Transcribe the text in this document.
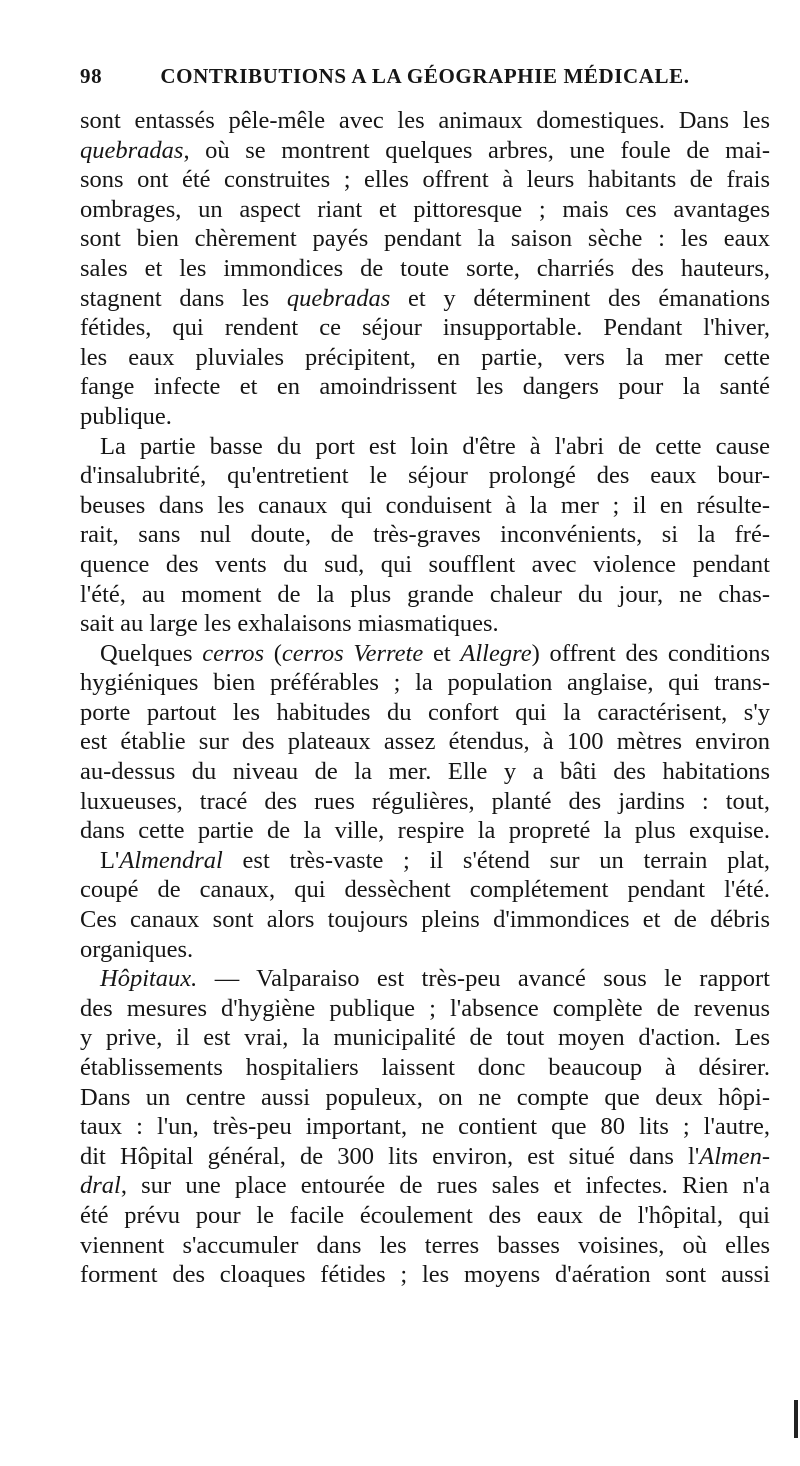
98	CONTRIBUTIONS A LA GÉOGRAPHIE MÉDICALE.
sont entassés pêle-mêle avec les animaux domestiques. Dans les
quebradas, où se montrent quelques arbres, une foule de mai-
sons ont été construites ; elles offrent à leurs habitants de frais
ombrages, un aspect riant et pittoresque ; mais ces avantages
sont bien chèrement payés pendant la saison sèche : les eaux
sales et les immondices de toute sorte, charriés des hauteurs,
stagnent dans les quebradas et y déterminent des émanations
fétides, qui rendent ce séjour insupportable. Pendant l'hiver,
les eaux pluviales précipitent, en partie, vers la mer cette
fange infecte et en amoindrissent les dangers pour la santé
publique.
La partie basse du port est loin d'être à l'abri de cette cause
d'insalubrité, qu'entretient le séjour prolongé des eaux bour-
beuses dans les canaux qui conduisent à la mer ; il en résulte-
rait, sans nul doute, de très-graves inconvénients, si la fré-
quence des vents du sud, qui soufflent avec violence pendant
l'été, au moment de la plus grande chaleur du jour, ne chas-
sait au large les exhalaisons miasmatiques.
Quelques cerros (cerros Verrete et Allegre) offrent des conditions
hygiéniques bien préférables ; la population anglaise, qui trans-
porte partout les habitudes du confort qui la caractérisent, s'y
est établie sur des plateaux assez étendus, à 100 mètres environ
au-dessus du niveau de la mer. Elle y a bâti des habitations
luxueuses, tracé des rues régulières, planté des jardins : tout,
dans cette partie de la ville, respire la propreté la plus exquise.
L'Almendral est très-vaste ; il s'étend sur un terrain plat,
coupé de canaux, qui dessèchent complétement pendant l'été.
Ces canaux sont alors toujours pleins d'immondices et de débris
organiques.
Hôpitaux. — Valparaiso est très-peu avancé sous le rapport
des mesures d'hygiène publique ; l'absence complète de revenus
y prive, il est vrai, la municipalité de tout moyen d'action. Les
établissements hospitaliers laissent donc beaucoup à désirer.
Dans un centre aussi populeux, on ne compte que deux hôpi-
taux : l'un, très-peu important, ne contient que 80 lits ; l'autre,
dit Hôpital général, de 300 lits environ, est situé dans l'Almen-
dral, sur une place entourée de rues sales et infectes. Rien n'a
été prévu pour le facile écoulement des eaux de l'hôpital, qui
viennent s'accumuler dans les terres basses voisines, où elles
forment des cloaques fétides ; les moyens d'aération sont aussi
